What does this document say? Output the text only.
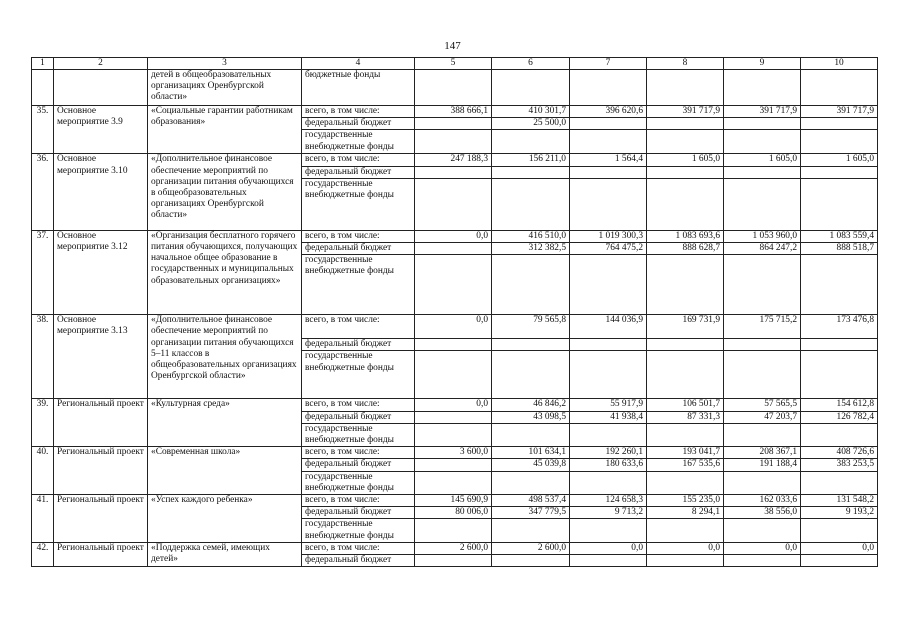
147
1	2	3	4	5	6	7	8	9	10
		детей в общеобразовательных организациях Оренбургской области»	бюджетные фонды						
35.	Основное мероприятие 3.9	«Социальные гарантии работникам образования»	всего, в том числе:	388 666,1	410 301,7	396 620,6	391 717,9	391 717,9	391 717,9
			федеральный бюджет		25 500,0				
			государственные внебюджетные фонды						
36.	Основное мероприятие 3.10	«Дополнительное финансовое обеспечение мероприятий по организации питания обучающихся в общеобразовательных организациях Оренбургской области»	всего, в том числе:	247 188,3	156 211,0	1 564,4	1 605,0	1 605,0	1 605,0
			федеральный бюджет						
			государственные внебюджетные фонды						
37.	Основное мероприятие 3.12	«Организация бесплатного горячего питания обучающихся, получающих начальное общее образование в государственных и муниципальных образовательных организациях»	всего, в том числе:	0,0	416 510,0	1 019 300,3	1 083 693,6	1 053 960,0	1 083 559,4
			федеральный бюджет		312 382,5	764 475,2	888 628,7	864 247,2	888 518,7
			государственные внебюджетные фонды						
38.	Основное мероприятие 3.13	«Дополнительное финансовое обеспечение мероприятий по организации питания обучающихся 5–11 классов в общеобразовательных организациях Оренбургской области»	всего, в том числе:	0,0	79 565,8	144 036,9	169 731,9	175 715,2	173 476,8
			федеральный бюджет						
			государственные внебюджетные фонды						
39.	Региональный проект	«Культурная среда»	всего, в том числе:	0,0	46 846,2	55 917,9	106 501,7	57 565,5	154 612,8
			федеральный бюджет		43 098,5	41 938,4	87 331,3	47 203,7	126 782,4
			государственные внебюджетные фонды						
40.	Региональный проект	«Современная школа»	всего, в том числе:	3 600,0	101 634,1	192 260,1	193 041,7	208 367,1	408 726,6
			федеральный бюджет		45 039,8	180 633,6	167 535,6	191 188,4	383 253,5
			государственные внебюджетные фонды						
41.	Региональный проект	«Успех каждого ребенка»	всего, в том числе:	145 690,9	498 537,4	124 658,3	155 235,0	162 033,6	131 548,2
			федеральный бюджет	80 006,0	347 779,5	9 713,2	8 294,1	38 556,0	9 193,2
			государственные внебюджетные фонды						
42.	Региональный проект	«Поддержка семей, имеющих детей»	всего, в том числе:	2 600,0	2 600,0	0,0	0,0	0,0	0,0
			федеральный бюджет						
